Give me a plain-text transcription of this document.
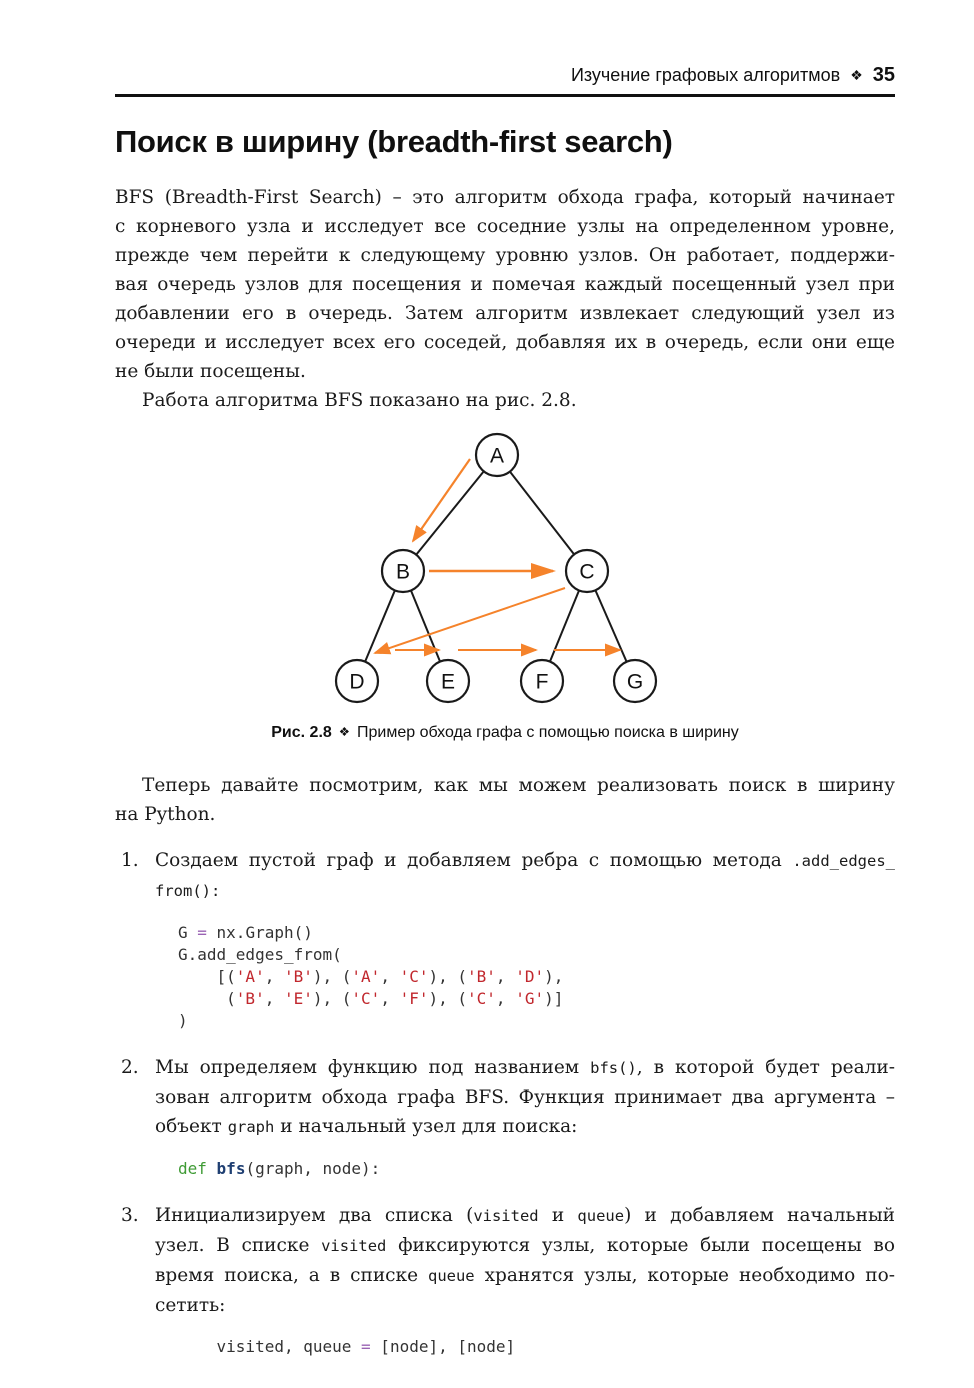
Изучение графовых алгоритмов ❖ 35
Поиск в ширину (breadth-first search)
BFS (Breadth-First Search) – это алгоритм обхода графа, который начинает
с корневого узла и исследует все соседние узлы на определенном уровне,
прежде чем перейти к следующему уровню узлов. Он работает, поддержи-
вая очередь узлов для посещения и помечая каждый посещенный узел при
добавлении его в очередь. Затем алгоритм извлекает следующий узел из
очереди и исследует всех его соседей, добавляя их в очередь, если они еще
не были посещены.
Работа алгоритма BFS показано на рис. 2.8.
A
B	C
D	E	F	G
Рис. 2.8 ❖ Пример обхода графа с помощью поиска в ширину
Теперь давайте посмотрим, как мы можем реализовать поиск в ширину
на Python.
1. Создаем пустой граф и добавляем ребра с помощью метода .add_edges_
from():
G = nx.Graph()
G.add_edges_from(
[('A', 'B'), ('A', 'C'), ('B', 'D'),
('B', 'E'), ('C', 'F'), ('C', 'G')]
)
2. Мы определяем функцию под названием bfs(), в которой будет реали-
зован алгоритм обхода графа BFS. Функция принимает два аргумента –
объект graph и начальный узел для поиска:
def bfs(graph, node):
3. Инициализируем два списка (visited и queue) и добавляем начальный
узел. В списке visited фиксируются узлы, которые были посещены во
время поиска, а в списке queue хранятся узлы, которые необходимо по-
сетить:
visited, queue = [node], [node]
